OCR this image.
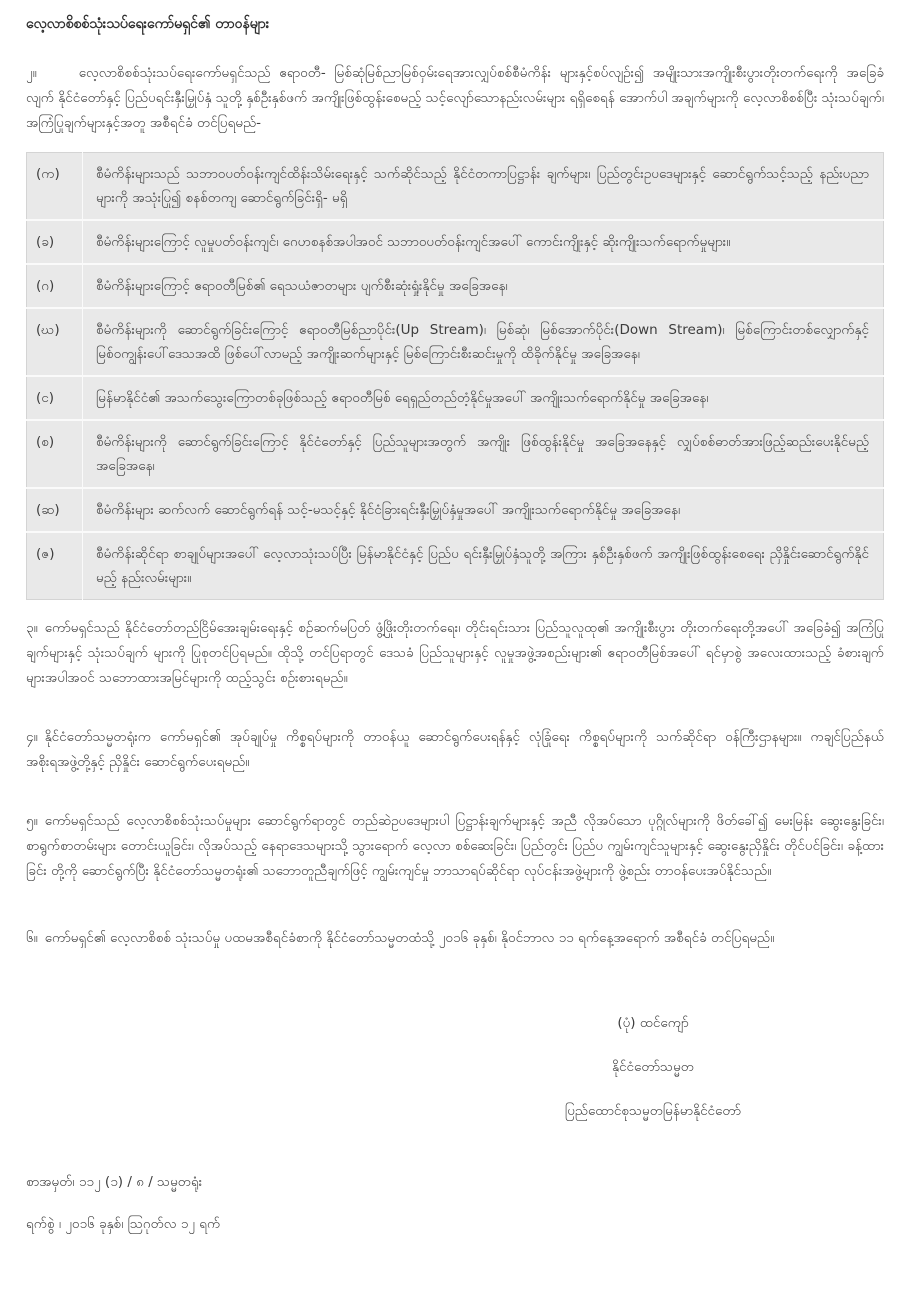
လေ့လာစိစစ်သုံးသပ်ရေးကော်မရှင်၏ တာဝန်များ

၂။	လေ့လာစိစစ်သုံးသပ်ရေးကော်မရှင်သည် ဧရာဝတီ- မြစ်ဆုံမြစ်ညာမြစ်ဝှမ်းရေအားလျှပ်စစ်စီမံကိန်း များနှင့်စပ်လျဉ်း၍ အမျိုးသားအကျိုးစီးပွားတိုးတက်ရေးကို အခြေခံလျက် နိုင်ငံတော်နှင့် ပြည်ပရင်းနှီးမြှုပ်နှံ သူတို့ နှစ်ဦးနှစ်ဖက် အကျိုးဖြစ်ထွန်းစေမည့် သင့်လျော်သောနည်းလမ်းများ ရရှိစေရန် အောက်ပါ အချက်များကို လေ့လာစိစစ်ပြီး သုံးသပ်ချက်၊ အကြံပြုချက်များနှင့်အတူ အစီရင်ခံ တင်ပြရမည်-

(က)	စီမံကိန်းများသည် သဘာဝပတ်ဝန်းကျင်ထိန်းသိမ်းရေးနှင့် သက်ဆိုင်သည့် နိုင်ငံတကာပြဋ္ဌာန်း ချက်များ၊ ပြည်တွင်းဥပဒေများနှင့် ဆောင်ရွက်သင့်သည့် နည်းပညာများကို အသုံးပြု၍ စနစ်တကျ ဆောင်ရွက်ခြင်းရှိ- မရှိ
(ခ)	စီမံကိန်းများကြောင့် လူမှုပတ်ဝန်းကျင်၊ ဂေဟစနစ်အပါအဝင် သဘာဝပတ်ဝန်းကျင်အပေါ် ကောင်းကျိုးနှင့် ဆိုးကျိုးသက်ရောက်မှုများ။
(ဂ)	စီမံကိန်းများကြောင့် ဧရာဝတီမြစ်၏ ရေသယံဇာတများ ပျက်စီးဆုံးရှုံးနိုင်မှု အခြေအနေ၊
(ဃ)	စီမံကိန်းများကို ဆောင်ရွက်ခြင်းကြောင့် ဧရာဝတီမြစ်ညာပိုင်း(Up Stream)၊ မြစ်ဆုံ၊ မြစ်အောက်ပိုင်း(Down Stream)၊ မြစ်ကြောင်းတစ်လျှောက်နှင့် မြစ်ဝကျွန်းပေါ်ဒေသအထိ ဖြစ်ပေါ်လာမည့် အကျိုးဆက်များနှင့် မြစ်ကြောင်းစီးဆင်းမှုကို ထိခိုက်နိုင်မှု အခြေအနေ၊
(င)	မြန်မာနိုင်ငံ၏ အသက်သွေးကြောတစ်ခုဖြစ်သည့် ဧရာဝတီမြစ် ရေရှည်တည်တံ့နိုင်မှုအပေါ် အကျိုးသက်ရောက်နိုင်မှု အခြေအနေ၊
(စ)	စီမံကိန်းများကို ဆောင်ရွက်ခြင်းကြောင့် နိုင်ငံတော်နှင့် ပြည်သူများအတွက် အကျိုး ဖြစ်ထွန်းနိုင်မှု အခြေအနေနှင့် လျှပ်စစ်ဓာတ်အားဖြည့်ဆည်းပေးနိုင်မည့် အခြေအနေ၊
(ဆ)	စီမံကိန်းများ ဆက်လက် ဆောင်ရွက်ရန် သင့်-မသင့်နှင့် နိုင်ငံခြားရင်းနှီးမြှုပ်နှံမှုအပေါ် အကျိုးသက်ရောက်နိုင်မှု အခြေအနေ၊
(ဇ)	စီမံကိန်းဆိုင်ရာ စာချုပ်များအပေါ် လေ့လာသုံးသပ်ပြီး မြန်မာနိုင်ငံနှင့် ပြည်ပ ရင်းနှီးမြှုပ်နှံသူတို့ အကြား နှစ်ဦးနှစ်ဖက် အကျိုးဖြစ်ထွန်းစေရေး ညှိနှိုင်းဆောင်ရွက်နိုင်မည့် နည်းလမ်းများ။

၃။ ကော်မရှင်သည် နိုင်ငံတော်တည်ငြိမ်အေးချမ်းရေးနှင့် စဉ်ဆက်မပြတ် ဖွံ့ဖြိုးတိုးတက်ရေး၊ တိုင်းရင်းသား ပြည်သူလူထု၏ အကျိုးစီးပွား တိုးတက်ရေးတို့အပေါ် အခြေခံ၍ အကြံပြုချက်များနှင့် သုံးသပ်ချက် များကို ပြုစုတင်ပြရမည်။ ထိုသို့ တင်ပြရာတွင် ဒေသခံ ပြည်သူများနှင့် လူမှုအဖွဲ့အစည်းများ၏ ဧရာဝတီမြစ်အပေါ် ရင်မှာစွဲ အလေးထားသည့် ခံစားချက်များအပါအဝင် သဘောထားအမြင်များကို ထည့်သွင်း စဉ်းစားရမည်။

၄။ နိုင်ငံတော်သမ္မတရုံးက ကော်မရှင်၏ အုပ်ချုပ်မှု ကိစ္စရပ်များကို တာဝန်ယူ ဆောင်ရွက်ပေးရန်နှင့် လုံခြုံရေး ကိစ္စရပ်များကို သက်ဆိုင်ရာ ဝန်ကြီးဌာနများ။ ကချင်ပြည်နယ် အစိုးရအဖွဲ့တို့နှင့် ညှိနှိုင်း ဆောင်ရွက်ပေးရမည်။

၅။ ကော်မရှင်သည် လေ့လာစိစစ်သုံးသပ်မှုများ ဆောင်ရွက်ရာတွင် တည်ဆဲဥပဒေများပါ ပြဋ္ဌာန်းချက်များနှင့် အညီ လိုအပ်သော ပုဂ္ဂိုလ်များကို ဖိတ်ခေါ်၍ မေးမြန်း ဆွေးနွေးခြင်း၊ စာရွက်စာတမ်းများ တောင်းယူခြင်း၊ လိုအပ်သည့် နေရာဒေသများသို့ သွားရောက် လေ့လာ စစ်ဆေးခြင်း၊ ပြည်တွင်း ပြည်ပ ကျွမ်းကျင်သူများနှင့် ဆွေးနွေးညှိနှိုင်း တိုင်ပင်ခြင်း၊ ခန့်ထားခြင်း တို့ကို ဆောင်ရွက်ပြီး နိုင်ငံတော်သမ္မတရုံး၏ သဘောတူညီချက်ဖြင့် ကျွမ်းကျင်မှု ဘာသာရပ်ဆိုင်ရာ လုပ်ငန်းအဖွဲ့များကို ဖွဲ့စည်း တာဝန်ပေးအပ်နိုင်သည်။

၆။ ကော်မရှင်၏ လေ့လာစိစစ် သုံးသပ်မှု ပထမအစီရင်ခံစာကို နိုင်ငံတော်သမ္မတထံသို့ ၂၀၁၆ ခုနှစ်၊ နိုဝင်ဘာလ ၁၁ ရက်နေ့အရောက် အစီရင်ခံ တင်ပြရမည်။

(ပုံ) ထင်ကျော်

နိုင်ငံတော်သမ္မတ

ပြည်ထောင်စုသမ္မတမြန်မာနိုင်ငံတော်

စာအမှတ်၊ ၁၁၂ (၁) / ၈ / သမ္မတရုံး

ရက်စွဲ ၊ ၂၀၁၆ ခုနှစ်၊ သြဂုတ်လ ၁၂ ရက်
